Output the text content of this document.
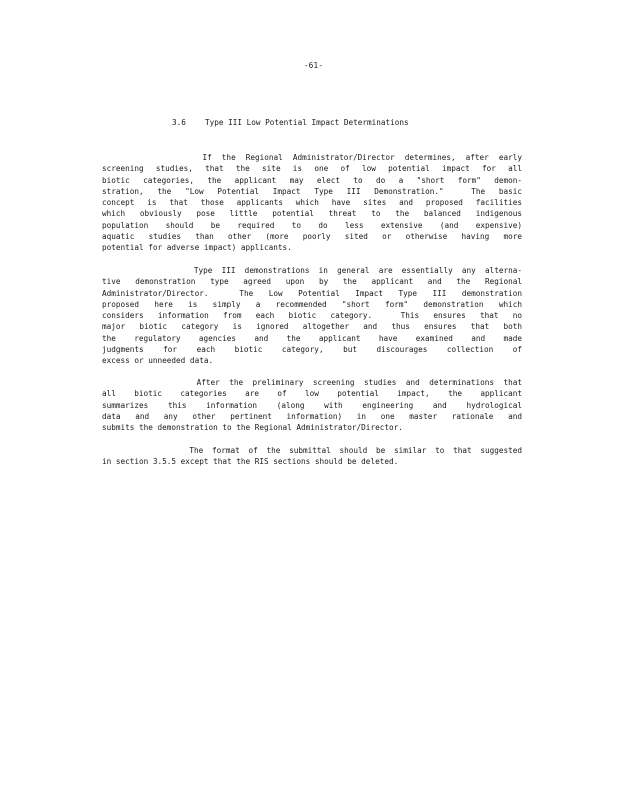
-61-
3.6 Type III Low Potential Impact Determinations
If the Regional Administrator/Director determines, after early
screening studies, that the site is one of low potential impact for all
biotic categories, the applicant may elect to do a "short form" demon-
stration, the "Low Potential Impact Type III Demonstration."  The basic
concept is that those applicants which have sites and proposed facilities
which obviously pose little potential threat to the balanced indigenous
population should be required to do less extensive (and expensive)
aquatic studies than other (more poorly sited or otherwise having more
potential for adverse impact) applicants.
Type III demonstrations in general are essentially any alterna-
tive demonstration type agreed upon by the applicant and the Regional
Administrator/Director.  The Low Potential Impact Type III demonstration
proposed here is simply a recommended "short form" demonstration which
considers information from each biotic category.  This ensures that no
major biotic category is ignored altogether and thus ensures that both
the regulatory agencies and the applicant have examined and made
judgments for each biotic category, but discourages collection of
excess or unneeded data.
After the preliminary screening studies and determinations that
all biotic categories are of low potential impact, the applicant
summarizes this information (along with engineering and hydrological
data and any other pertinent information) in one master rationale and
submits the demonstration to the Regional Administrator/Director.
The format of the submittal should be similar to that suggested
in section 3.5.5 except that the RIS sections should be deleted.
